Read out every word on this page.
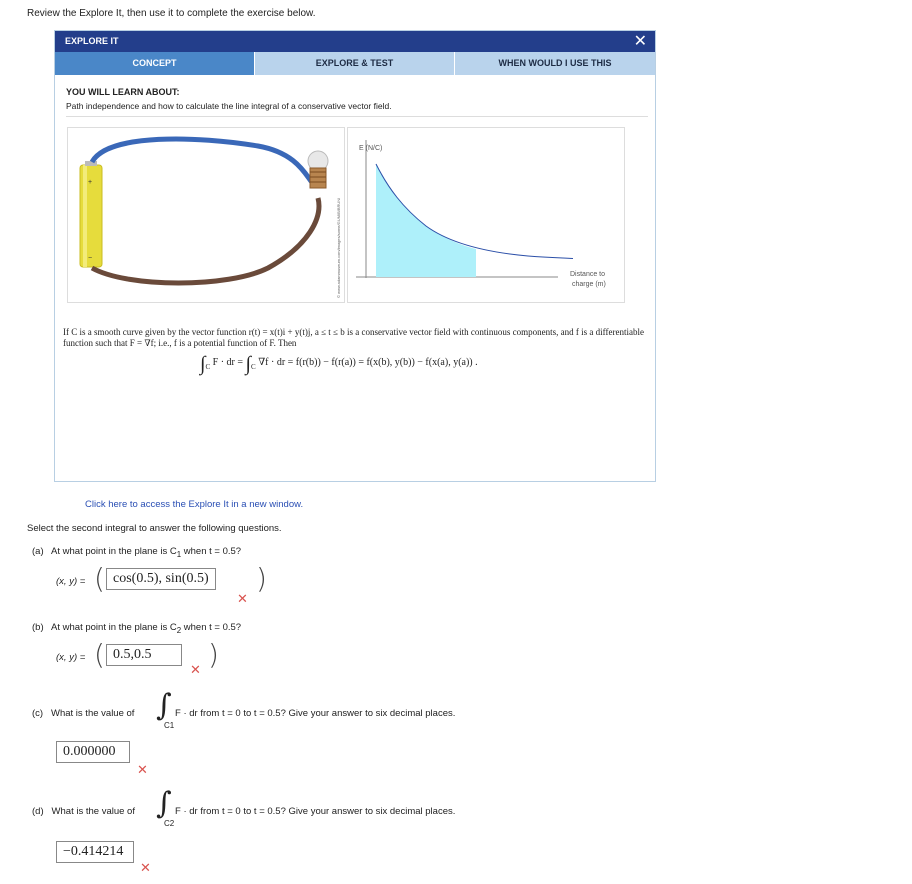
Review the Explore It, then use it to complete the exercise below.
EXPLORE IT	✕
CONCEPT	EXPLORE & TEST	WHEN WOULD I USE THIS
YOU WILL LEARN ABOUT:
Path independence and how to calculate the line integral of a conservative vector field.
+
−	© www.adammuseum.com/images/some/GUM/B/BRUNI
E (N/C)
Distance to
charge (m)
If C is a smooth curve given by the vector function r(t) = x(t)i + y(t)j, a ≤ t ≤ b is a conservative vector field with continuous components, and f is a differentiable function such that F = ∇f; i.e., f is a potential function of F. Then
$\int_C$ F · dr = $\int_C$ ∇f · dr = f(r(b)) − f(r(a)) = f(x(b), y(b)) − f(x(a), y(a)) .
Click here to access the Explore It in a new window.
Select the second integral to answer the following questions.
(a) At what point in the plane is $C_1$ when t = 0.5?
(x, y) = ( cos(0.5), sin(0.5) )
✕
(b) At what point in the plane is $C_2$ when t = 0.5?
(x, y) = ( 0.5,0.5	)
✕
(c) What is the value of ∫
C1
F · dr from t = 0 to t = 0.5? Give your answer to six decimal places.
0.000000
✕
(d) What is the value of ∫
C2
F · dr from t = 0 to t = 0.5? Give your answer to six decimal places.
−0.414214
✕
